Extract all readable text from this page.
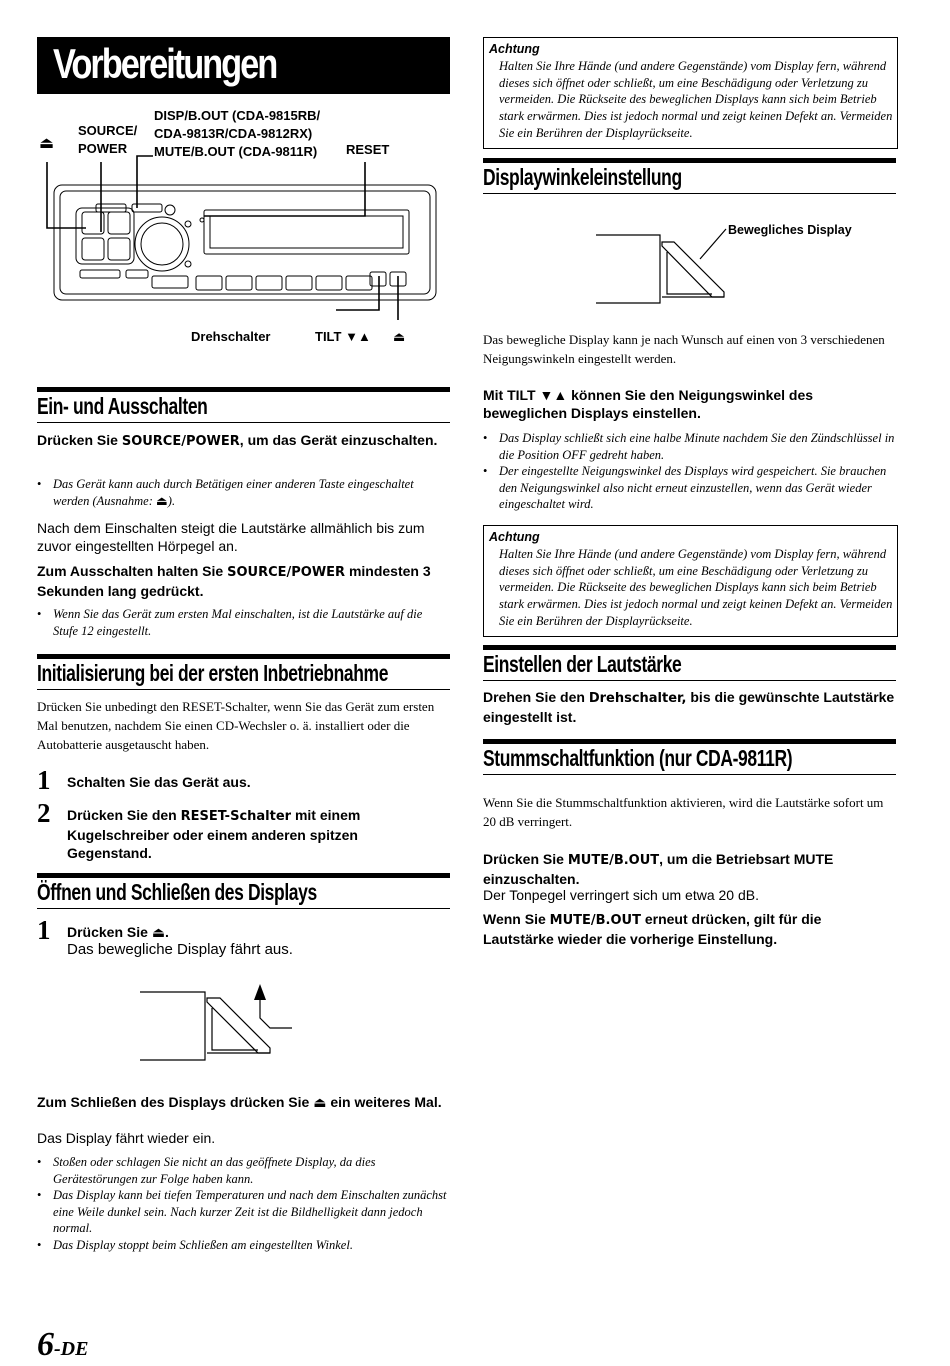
Vorbereitungen
⏏
SOURCE/
POWER
DISP/B.OUT (CDA-9815RB/
CDA-9813R/CDA-9812RX)
MUTE/B.OUT (CDA-9811R) RESET
Drehschalter	TILT ▼▲ ⏏
Ein- und Ausschalten
Drücken Sie SOURCE/POWER, um das Gerät einzuschalten.
• Das Gerät kann auch durch Betätigen einer anderen Taste eingeschaltet werden (Ausnahme: ⏏).
Nach dem Einschalten steigt die Lautstärke allmählich bis zum zuvor eingestellten Hörpegel an.
Zum Ausschalten halten Sie SOURCE/POWER mindesten 3 Sekunden lang gedrückt.
• Wenn Sie das Gerät zum ersten Mal einschalten, ist die Lautstärke auf die Stufe 12 eingestellt.
Initialisierung bei der ersten Inbetriebnahme
Drücken Sie unbedingt den RESET-Schalter, wenn Sie das Gerät zum ersten Mal benutzen, nachdem Sie einen CD-Wechsler o. ä. installiert oder die Autobatterie ausgetauscht haben.
1 Schalten Sie das Gerät aus.
2 Drücken Sie den RESET-Schalter mit einem Kugelschreiber oder einem anderen spitzen Gegenstand.
Öffnen und Schließen des Displays
1 Drücken Sie ⏏.
Das bewegliche Display fährt aus.
Zum Schließen des Displays drücken Sie ⏏ ein weiteres Mal.
Das Display fährt wieder ein.
• Stoßen oder schlagen Sie nicht an das geöffnete Display, da dies Gerätestörungen zur Folge haben kann.
• Das Display kann bei tiefen Temperaturen und nach dem Einschalten zunächst eine Weile dunkel sein. Nach kurzer Zeit ist die Bildhelligkeit dann jedoch normal.
• Das Display stoppt beim Schließen am eingestellten Winkel.
6-DE
Achtung
Halten Sie Ihre Hände (und andere Gegenstände) vom Display fern, während dieses sich öffnet oder schließt, um eine Beschädigung oder Verletzung zu vermeiden. Die Rückseite des beweglichen Displays kann sich beim Betrieb stark erwärmen. Dies ist jedoch normal und zeigt keinen Defekt an. Vermeiden Sie ein Berühren der Displayrückseite.
Displaywinkeleinstellung
Bewegliches Display
Das bewegliche Display kann je nach Wunsch auf einen von 3 verschiedenen Neigungswinkeln eingestellt werden.
Mit TILT ▼▲ können Sie den Neigungswinkel des beweglichen Displays einstellen.
• Das Display schließt sich eine halbe Minute nachdem Sie den Zündschlüssel in die Position OFF gedreht haben.
• Der eingestellte Neigungswinkel des Displays wird gespeichert. Sie brauchen den Neigungswinkel also nicht erneut einzustellen, wenn das Gerät wieder eingeschaltet wird.
Achtung
Halten Sie Ihre Hände (und andere Gegenstände) vom Display fern, während dieses sich öffnet oder schließt, um eine Beschädigung oder Verletzung zu vermeiden. Die Rückseite des beweglichen Displays kann sich beim Betrieb stark erwärmen. Dies ist jedoch normal und zeigt keinen Defekt an. Vermeiden Sie ein Berühren der Displayrückseite.
Einstellen der Lautstärke
Drehen Sie den Drehschalter, bis die gewünschte Lautstärke eingestellt ist.
Stummschaltfunktion (nur CDA-9811R)
Wenn Sie die Stummschaltfunktion aktivieren, wird die Lautstärke sofort um 20 dB verringert.
Drücken Sie MUTE/B.OUT, um die Betriebsart MUTE einzuschalten.
Der Tonpegel verringert sich um etwa 20 dB.
Wenn Sie MUTE/B.OUT erneut drücken, gilt für die Lautstärke wieder die vorherige Einstellung.
